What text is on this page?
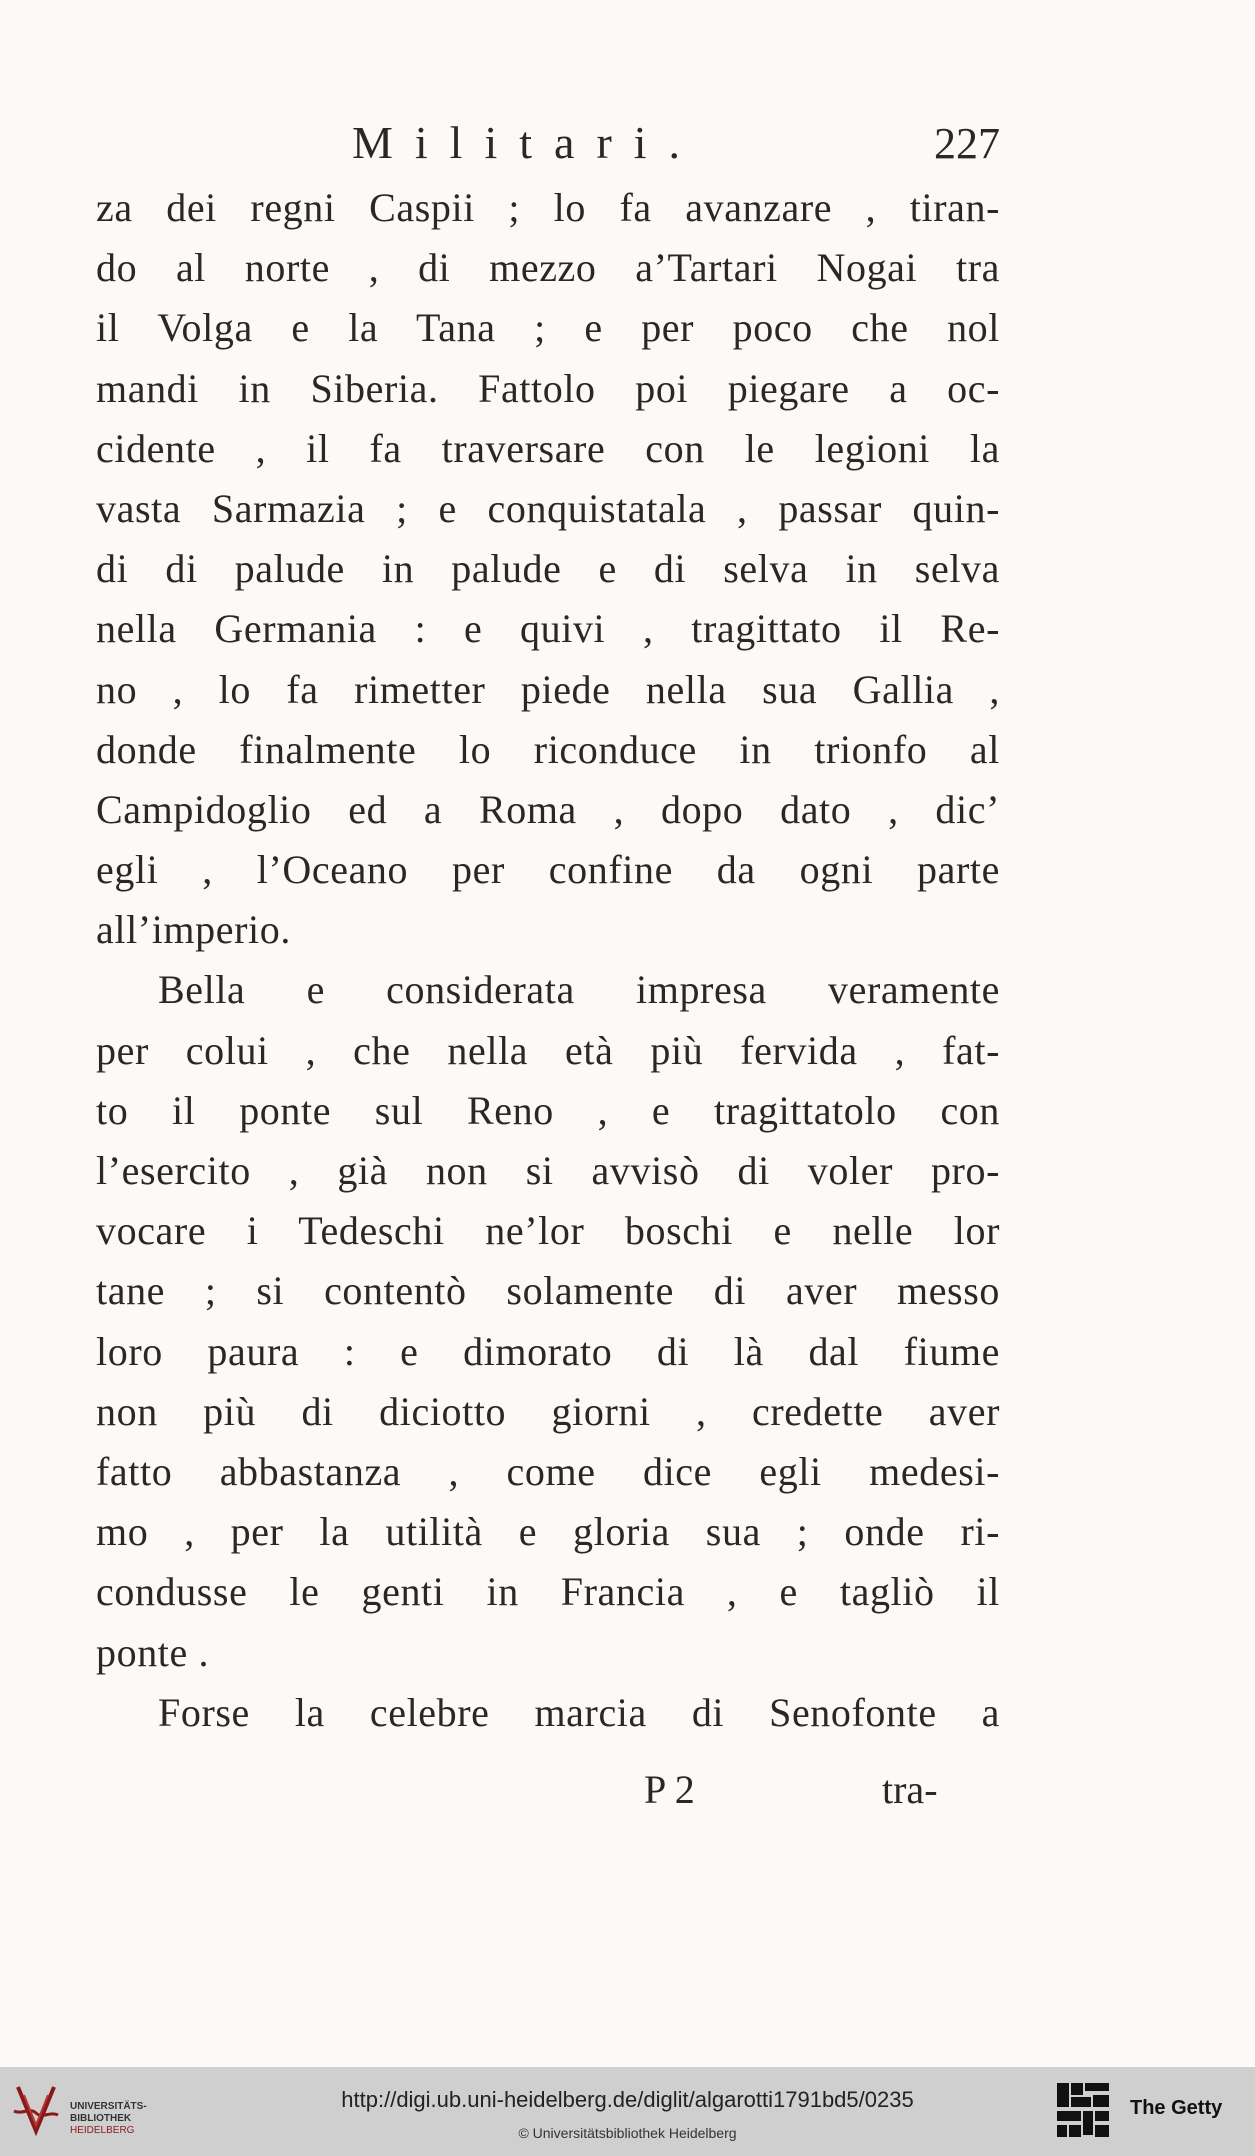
Militari.	227
za dei regni Caspii ; lo fa avanzare , tiran-
do al norte , di mezzo a’Tartari Nogai tra
il Volga e la Tana ; e per poco che nol
mandi in Siberia. Fattolo poi piegare a oc-
cidente , il fa traversare con le legioni la
vasta Sarmazia ; e conquistatala , passar quin-
di di palude in palude e di selva in selva
nella Germania : e quivi , tragittato il Re-
no , lo fa rimetter piede nella sua Gallia ,
donde finalmente lo riconduce in trionfo al
Campidoglio ed a Roma , dopo dato , dic’
egli , l’Oceano per confine da ogni parte
all’imperio.
Bella e considerata impresa veramente
per colui , che nella età più fervida , fat-
to il ponte sul Reno , e tragittatolo con
l’esercito , già non si avvisò di voler pro-
vocare i Tedeschi ne’lor boschi e nelle lor
tane ; si contentò solamente di aver messo
loro paura : e dimorato di là dal fiume
non più di diciotto giorni , credette aver
fatto abbastanza , come dice egli medesi-
mo , per la utilità e gloria sua ; onde ri-
condusse le genti in Francia , e tagliò il
ponte .
Forse la celebre marcia di Senofonte a
P 2	tra-
UNIVERSITÄTS-
BIBLIOTHEK
HEIDELBERG
http://digi.ub.uni-heidelberg.de/diglit/algarotti1791bd5/0235
© Universitätsbibliothek Heidelberg
The Getty
